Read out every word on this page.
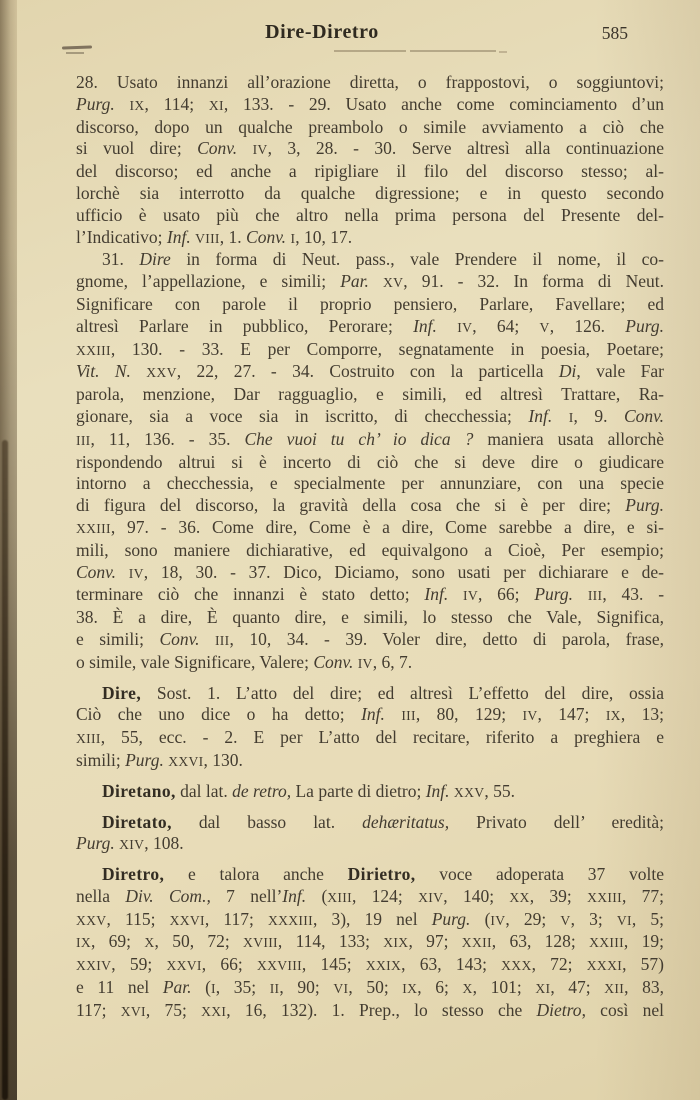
Dire-Diretro	585
28. Usato innanzi all’orazione diretta, o frappostovi, o soggiuntovi;
Purg. IX, 114; XI, 133. - 29. Usato anche come cominciamento d’un
discorso, dopo un qualche preambolo o simile avviamento a ciò che
si vuol dire; Conv. IV, 3, 28. - 30. Serve altresì alla continuazione
del discorso; ed anche a ripigliare il filo del discorso stesso; al-
lorchè sia interrotto da qualche digressione; e in questo secondo
ufficio è usato più che altro nella prima persona del Presente del-
l’Indicativo; Inf. VIII, 1. Conv. I, 10, 17.
31. Dire in forma di Neut. pass., vale Prendere il nome, il co-
gnome, l’appellazione, e simili; Par. XV, 91. - 32. In forma di Neut.
Significare con parole il proprio pensiero, Parlare, Favellare; ed
altresì Parlare in pubblico, Perorare; Inf. IV, 64; V, 126. Purg.
XXIII, 130. - 33. E per Comporre, segnatamente in poesia, Poetare;
Vit. N. XXV, 22, 27. - 34. Costruito con la particella Di, vale Far
parola, menzione, Dar ragguaglio, e simili, ed altresì Trattare, Ra-
gionare, sia a voce sia in iscritto, di checchessia; Inf. I, 9. Conv.
III, 11, 136. - 35. Che vuoi tu ch’ io dica ? maniera usata allorchè
rispondendo altrui si è incerto di ciò che si deve dire o giudicare
intorno a checchessia, e specialmente per annunziare, con una specie
di figura del discorso, la gravità della cosa che si è per dire; Purg.
XXIII, 97. - 36. Come dire, Come è a dire, Come sarebbe a dire, e si-
mili, sono maniere dichiarative, ed equivalgono a Cioè, Per esempio;
Conv. IV, 18, 30. - 37. Dico, Diciamo, sono usati per dichiarare e de-
terminare ciò che innanzi è stato detto; Inf. IV, 66; Purg. III, 43. -
38. È a dire, È quanto dire, e simili, lo stesso che Vale, Significa,
e simili; Conv. III, 10, 34. - 39. Voler dire, detto di parola, frase,
o simile, vale Significare, Valere; Conv. IV, 6, 7.
Dire, Sost. 1. L’atto del dire; ed altresì L’effetto del dire, ossia
Ciò che uno dice o ha detto; Inf. III, 80, 129; IV, 147; IX, 13;
XIII, 55, ecc. - 2. E per L’atto del recitare, riferito a preghiera e
simili; Purg. XXVI, 130.
Diretano, dal lat. de retro, La parte di dietro; Inf. XXV, 55.
Diretato, dal basso lat. dehæritatus, Privato dell’ eredità;
Purg. XIV, 108.
Diretro, e talora anche Dirietro, voce adoperata 37 volte
nella Div. Com., 7 nell’Inf. (XIII, 124; XIV, 140; XX, 39; XXIII, 77;
XXV, 115; XXVI, 117; XXXIII, 3), 19 nel Purg. (IV, 29; V, 3; VI, 5;
IX, 69; X, 50, 72; XVIII, 114, 133; XIX, 97; XXII, 63, 128; XXIII, 19;
XXIV, 59; XXVI, 66; XXVIII, 145; XXIX, 63, 143; XXX, 72; XXXI, 57)
e 11 nel Par. (I, 35; II, 90; VI, 50; IX, 6; X, 101; XI, 47; XII, 83,
117; XVI, 75; XXI, 16, 132). 1. Prep., lo stesso che Dietro, così nel
